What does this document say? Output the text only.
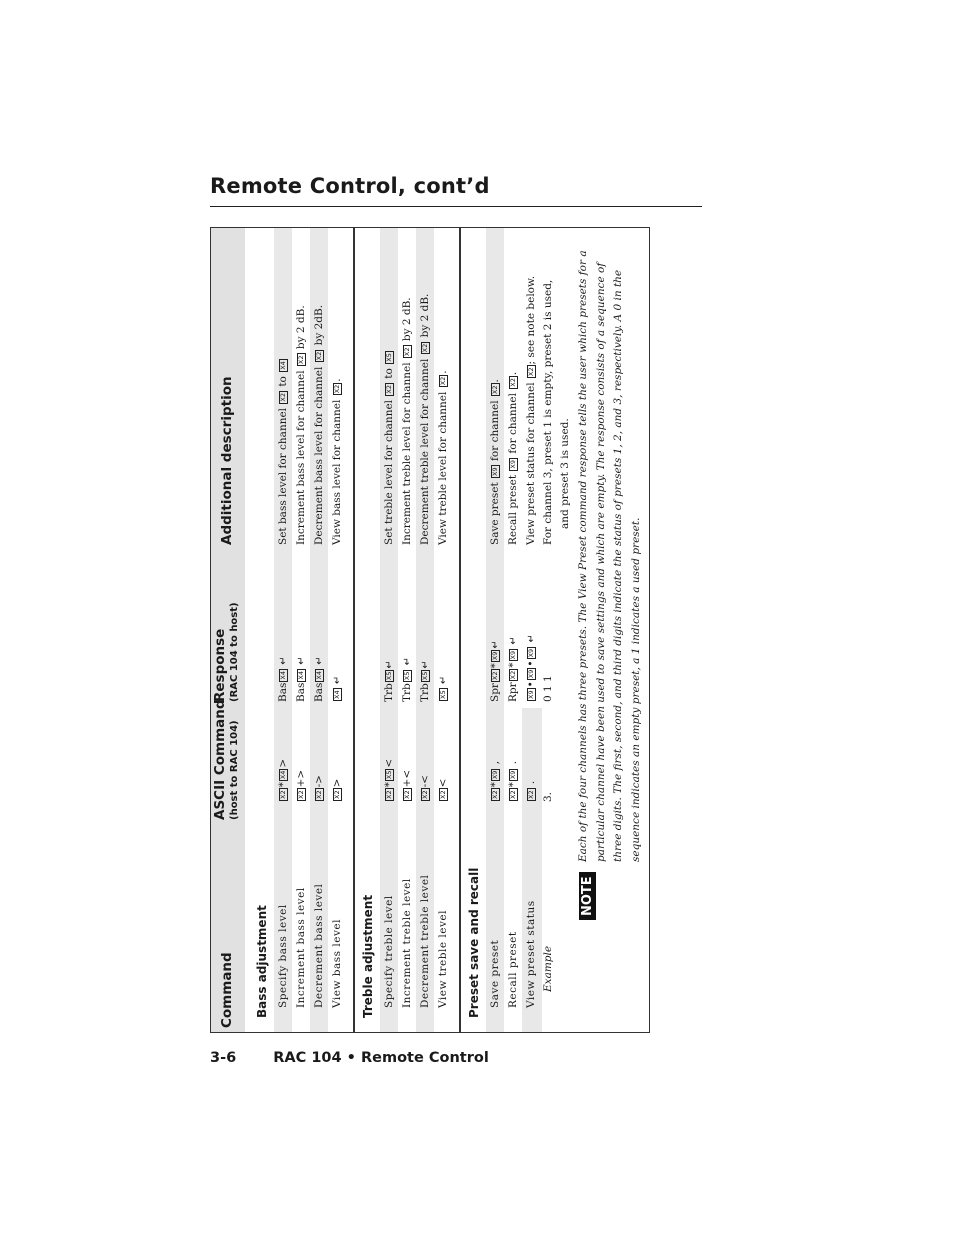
Remote Control, cont’d
Command
ASCII Command (host to RAC 104)
Response (RAC 104 to host)
Additional description
Bass adjustment Specify bass level
X2*X4>
BasX4 ↵
Set bass level for channel X2 to X4
Increment bass level
X2+>
BasX4 ↵
Increment bass level for channel X2 by 2 dB.
Decrement bass level
X2->
BasX4 ↵
Decrement bass level for channel X2 by 2dB.
View bass level
X2>
X4 ↵
View bass level for channel X2.
Treble adjustment Specify treble level
X2*X5<
TrbX5↵
Set treble level for channel X2 to X5
Increment treble level
X2+<
TrbX5 ↵
Increment treble level for channel X2 by 2 dB.
Decrement treble level
X2-<
TrbX5↵
Decrement treble level for channel X2 by 2 dB.
View treble level
X2<
X5 ↵
View treble level for channel X2.
Preset save and recall Save preset
X2*X9 ,
SprX2*X9↵
Save preset X9 for channel X2.
Recall preset
X2*X9 .
RprX2*X9 ↵
Recall preset X9 for channel X2.
View preset status
X2 .
X9•X9•X9 ↵
View preset status for channel X2; see note below.
Example
3.
0 1 1
For channel 3, preset 1 is empty, preset 2 is used, and preset 3 is used.
NOTE
Each of the four channels has three presets. The View Preset command response tells the user which presets for a particular channel have been used to save settings and which are empty. The response consists of a sequence of three digits. The first, second, and third digits indicate the status of presets 1, 2, and 3, respectively. A 0 in the sequence indicates an empty preset, a 1 indicates a used preset.
3-6	RAC 104 • Remote Control
